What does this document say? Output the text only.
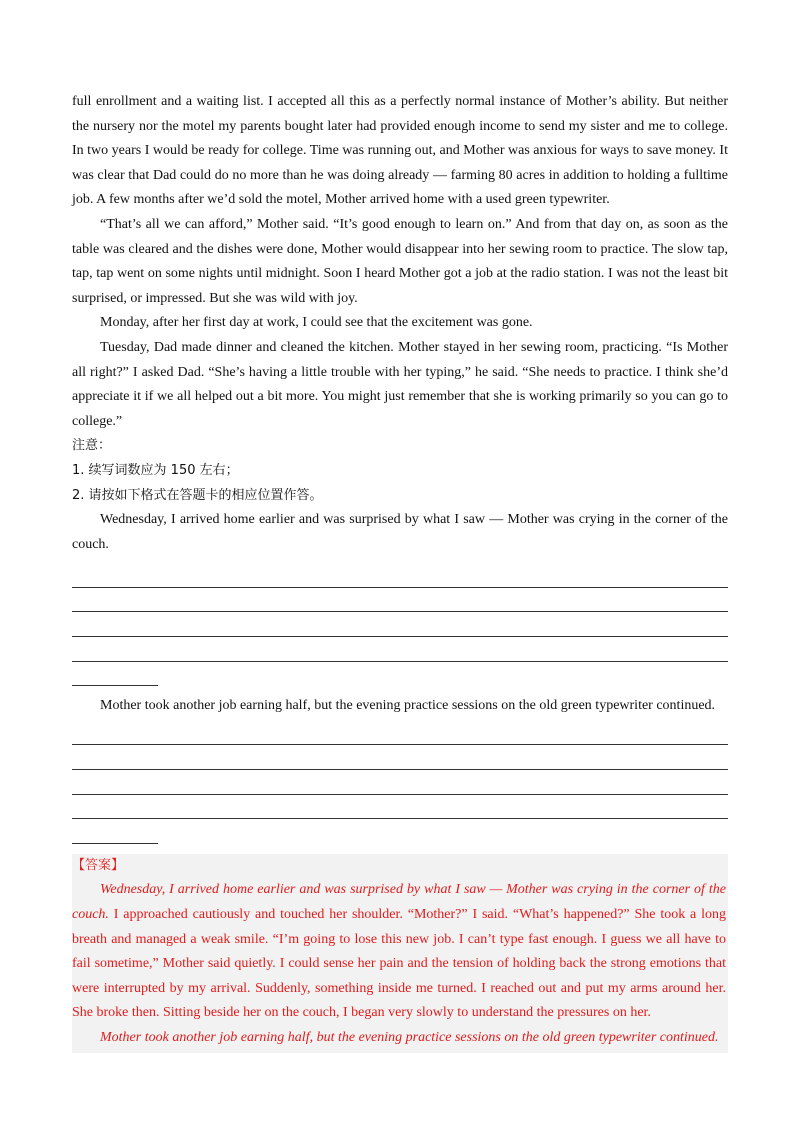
full enrollment and a waiting list. I accepted all this as a perfectly normal instance of Mother’s ability. But neither the nursery nor the motel my parents bought later had provided enough income to send my sister and me to college. In two years I would be ready for college. Time was running out, and Mother was anxious for ways to save money. It was clear that Dad could do no more than he was doing already — farming 80 acres in addition to holding a fulltime job. A few months after we’d sold the motel, Mother arrived home with a used green typewriter.

“That’s all we can afford,” Mother said. “It’s good enough to learn on.” And from that day on, as soon as the table was cleared and the dishes were done, Mother would disappear into her sewing room to practice. The slow tap, tap, tap went on some nights until midnight. Soon I heard Mother got a job at the radio station. I was not the least bit surprised, or impressed. But she was wild with joy.

Monday, after her first day at work, I could see that the excitement was gone.

Tuesday, Dad made dinner and cleaned the kitchen. Mother stayed in her sewing room, practicing. “Is Mother all right?” I asked Dad. “She’s having a little trouble with her typing,” he said. “She needs to practice. I think she’d appreciate it if we all helped out a bit more. You might just remember that she is working primarily so you can go to college.”

注意：

1. 续写词数应为 150 左右；

2. 请按如下格式在答题卡的相应位置作答。

Wednesday, I arrived home earlier and was surprised by what I saw — Mother was crying in the corner of the couch.

Mother took another job earning half, but the evening practice sessions on the old green typewriter continued.

【答案】

Wednesday, I arrived home earlier and was surprised by what I saw — Mother was crying in the corner of the couch. I approached cautiously and touched her shoulder. “Mother?” I said. “What’s happened?” She took a long breath and managed a weak smile. “I’m going to lose this new job. I can’t type fast enough. I guess we all have to fail sometime,” Mother said quietly. I could sense her pain and the tension of holding back the strong emotions that were interrupted by my arrival. Suddenly, something inside me turned. I reached out and put my arms around her. She broke then. Sitting beside her on the couch, I began very slowly to understand the pressures on her.

Mother took another job earning half, but the evening practice sessions on the old green typewriter continued.
